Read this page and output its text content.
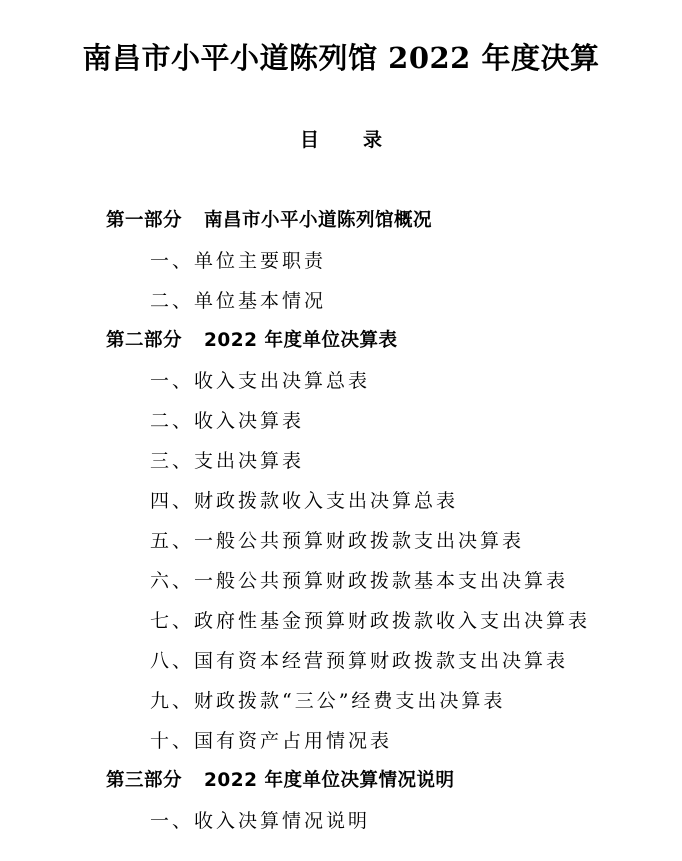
南昌市小平小道陈列馆 2022 年度决算
目录
第一部分 南昌市小平小道陈列馆概况
一、单位主要职责
二、单位基本情况
第二部分 2022 年度单位决算表
一、收入支出决算总表
二、收入决算表
三、支出决算表
四、财政拨款收入支出决算总表
五、一般公共预算财政拨款支出决算表
六、一般公共预算财政拨款基本支出决算表
七、政府性基金预算财政拨款收入支出决算表
八、国有资本经营预算财政拨款支出决算表
九、财政拨款“三公”经费支出决算表
十、国有资产占用情况表
第三部分 2022 年度单位决算情况说明
一、收入决算情况说明
